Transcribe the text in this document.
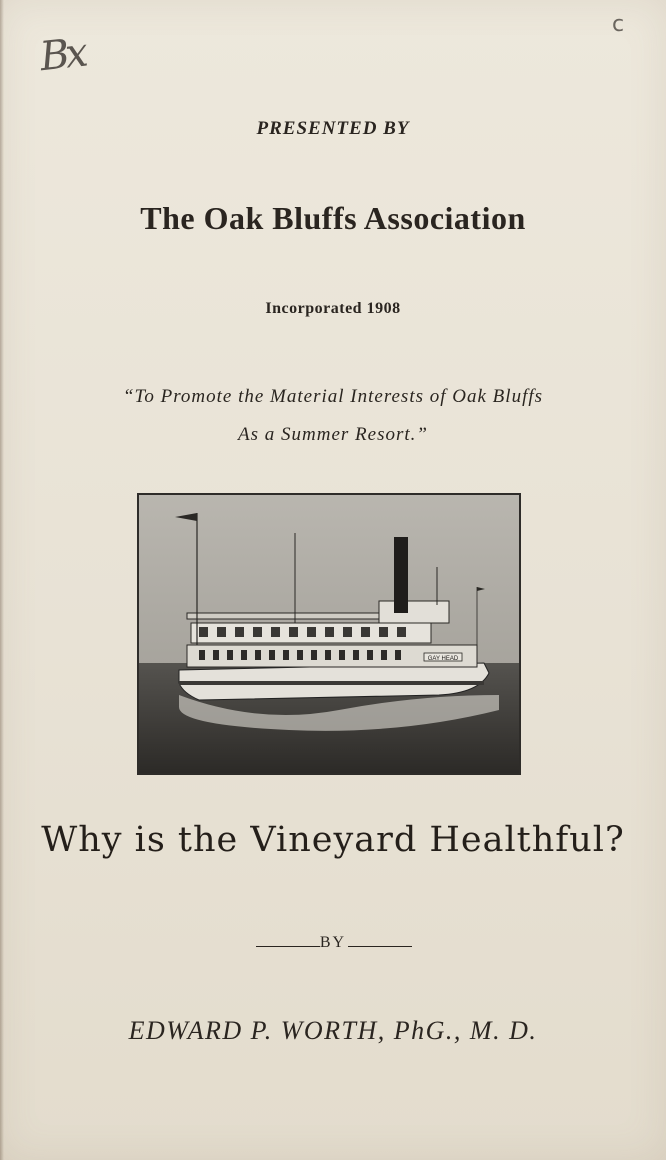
Bx
c
PRESENTED BY
The Oak Bluffs Association
Incorporated 1908
“To Promote the Material Interests of Oak Bluffs
As a Summer Resort.”
GAY HEAD
Why is the Vineyard Healthful?
BY
EDWARD P. WORTH, PhG., M. D.
